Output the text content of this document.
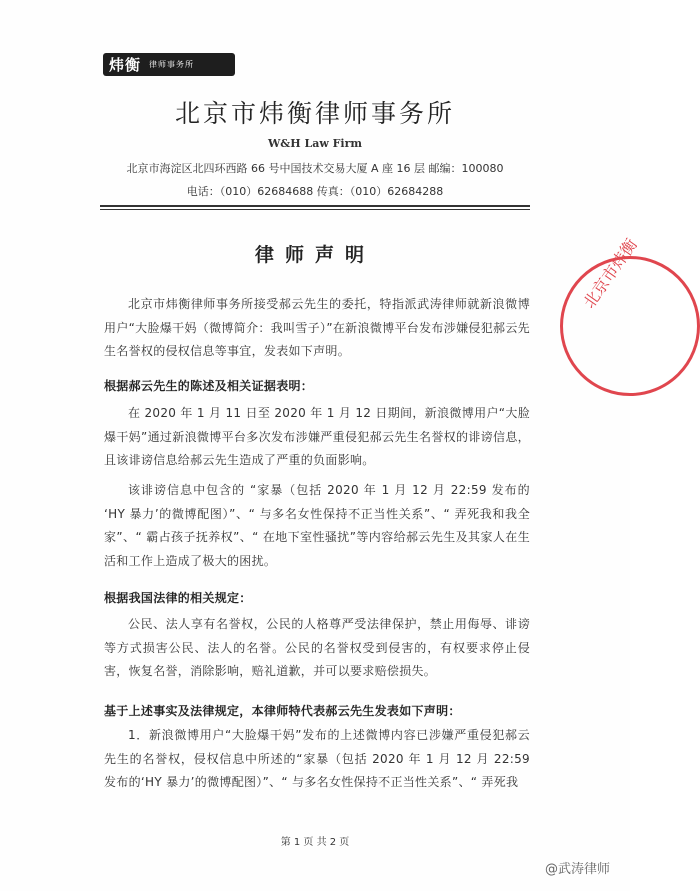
炜衡 律师事务所
北京市炜衡律师事务所
W&H Law Firm
北京市海淀区北四环西路 66 号中国技术交易大厦 A 座 16 层 邮编：100080
电话：（010）62684688 传真：（010）62684288
律师声明
北京市炜衡律师事务所接受郝云先生的委托，特指派武涛律师就新浪微博用户“大脸爆干妈（微博简介：我叫雪子）”在新浪微博平台发布涉嫌侵犯郝云先生名誉权的侵权信息等事宜，发表如下声明。
根据郝云先生的陈述及相关证据表明：
在 2020 年 1 月 11 日至 2020 年 1 月 12 日期间，新浪微博用户“大脸爆干妈”通过新浪微博平台多次发布涉嫌严重侵犯郝云先生名誉权的诽谤信息，且该诽谤信息给郝云先生造成了严重的负面影响。
该诽谤信息中包含的 “家暴（包括 2020 年 1 月 12 月 22:59 发布的 ‘HY 暴力’的微博配图）”、“ 与多名女性保持不正当性关系”、“ 弄死我和我全家”、“ 霸占孩子抚养权”、“ 在地下室性骚扰”等内容给郝云先生及其家人在生活和工作上造成了极大的困扰。
根据我国法律的相关规定：
公民、法人享有名誉权，公民的人格尊严受法律保护，禁止用侮辱、诽谤等方式损害公民、法人的名誉。公民的名誉权受到侵害的，有权要求停止侵害，恢复名誉，消除影响，赔礼道歉，并可以要求赔偿损失。
基于上述事实及法律规定，本律师特代表郝云先生发表如下声明：
1．新浪微博用户“大脸爆干妈”发布的上述微博内容已涉嫌严重侵犯郝云先生的名誉权，侵权信息中所述的“家暴（包括 2020 年 1 月 12 月 22:59 发布的‘HY 暴力’的微博配图）”、“ 与多名女性保持不正当性关系”、“ 弄死我
第 1 页 共 2 页
北京市炜衡
@武涛律师
